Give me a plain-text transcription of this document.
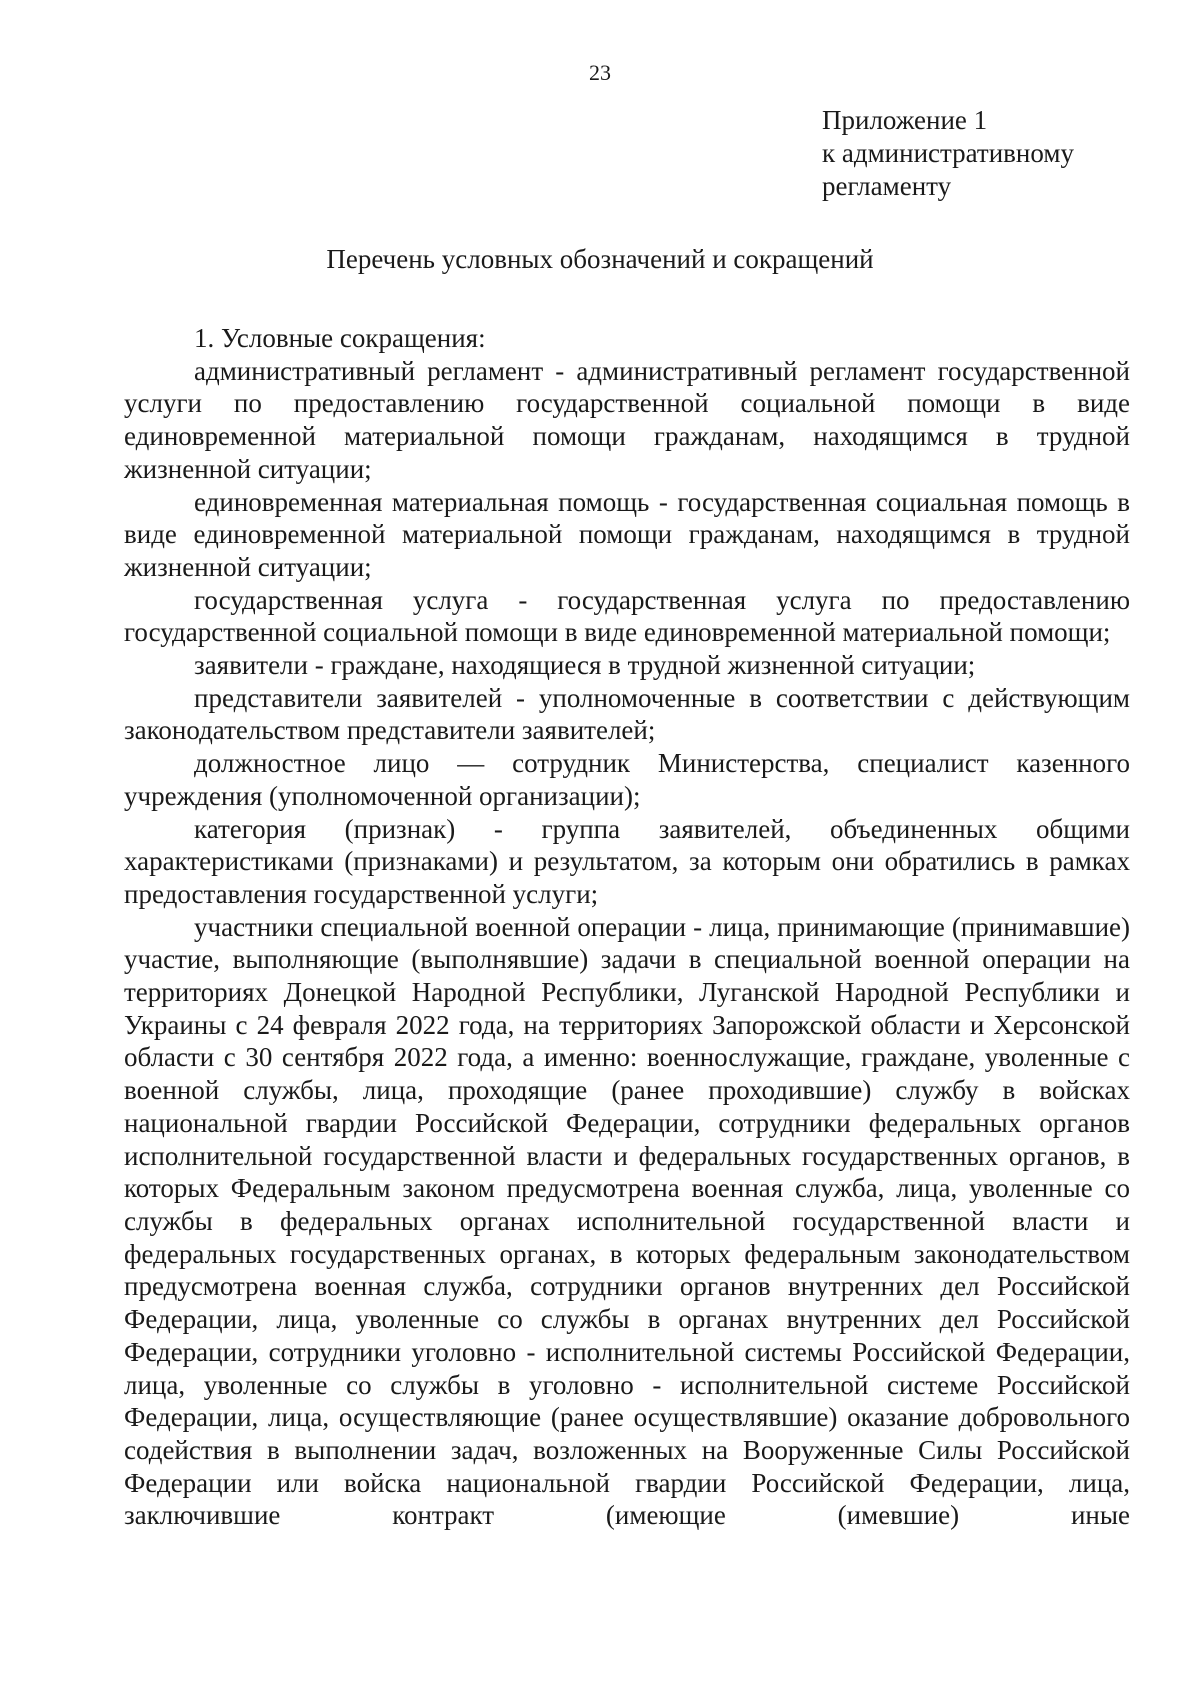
23
Приложение 1
к административному
регламенту
Перечень условных обозначений и сокращений

1. Условные сокращения:

административный регламент - административный регламент государственной услуги по предоставлению государственной социальной помощи в виде единовременной материальной помощи гражданам, находящимся в трудной жизненной ситуации;

единовременная материальная помощь - государственная социальная помощь в виде единовременной материальной помощи гражданам, находящимся в трудной жизненной ситуации;

государственная услуга - государственная услуга по предоставлению государственной социальной помощи в виде единовременной материальной помощи;

заявители - граждане, находящиеся в трудной жизненной ситуации;

представители заявителей - уполномоченные в соответствии с действующим законодательством представители заявителей;

должностное лицо — сотрудник Министерства, специалист казенного учреждения (уполномоченной организации);

категория (признак) - группа заявителей, объединенных общими характеристиками (признаками) и результатом, за которым они обратились в рамках предоставления государственной услуги;

участники специальной военной операции - лица, принимающие (принимавшие) участие, выполняющие (выполнявшие) задачи в специальной военной операции на территориях Донецкой Народной Республики, Луганской Народной Республики и Украины с 24 февраля 2022 года, на территориях Запорожской области и Херсонской области с 30 сентября 2022 года, а именно: военнослужащие, граждане, уволенные с военной службы, лица, проходящие (ранее проходившие) службу в войсках национальной гвардии Российской Федерации, сотрудники федеральных органов исполнительной государственной власти и федеральных государственных органов, в которых Федеральным законом предусмотрена военная служба, лица, уволенные со службы в федеральных органах исполнительной государственной власти и федеральных государственных органах, в которых федеральным законодательством предусмотрена военная служба, сотрудники органов внутренних дел Российской Федерации, лица, уволенные со службы в органах внутренних дел Российской Федерации, сотрудники уголовно - исполнительной системы Российской Федерации, лица, уволенные со службы в уголовно - исполнительной системе Российской Федерации, лица, осуществляющие (ранее осуществлявшие) оказание добровольного содействия в выполнении задач, возложенных на Вооруженные Силы Российской Федерации или войска национальной гвардии Российской Федерации, лица, заключившие контракт (имеющие (имевшие) иные
